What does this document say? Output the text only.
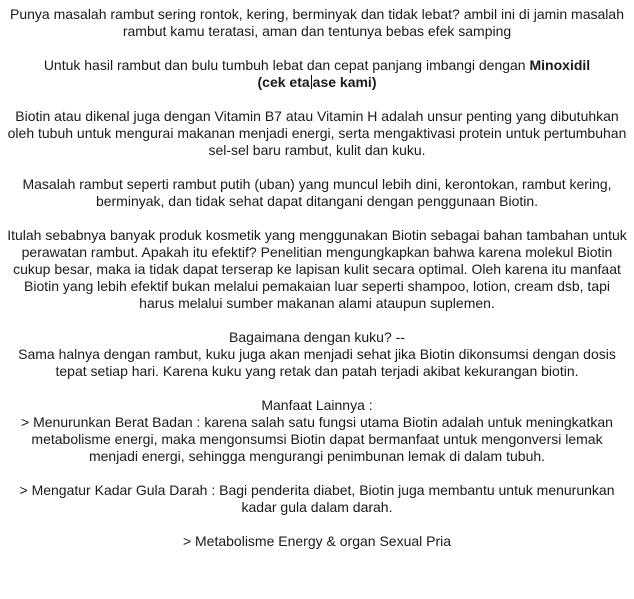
Punya masalah rambut sering rontok, kering, berminyak dan tidak lebat? ambil ini di jamin masalah rambut kamu teratasi, aman dan tentunya bebas efek samping

Untuk hasil rambut dan bulu tumbuh lebat dan cepat panjang imbangi dengan Minoxidil
(cek eta ase kami)

Biotin atau dikenal juga dengan Vitamin B7 atau Vitamin H adalah unsur penting yang dibutuhkan oleh tubuh untuk mengurai makanan menjadi energi, serta mengaktivasi protein untuk pertumbuhan sel-sel baru rambut, kulit dan kuku.

Masalah rambut seperti rambut putih (uban) yang muncul lebih dini, kerontokan, rambut kering, berminyak, dan tidak sehat dapat ditangani dengan penggunaan Biotin.

Itulah sebabnya banyak produk kosmetik yang menggunakan Biotin sebagai bahan tambahan untuk perawatan rambut. Apakah itu efektif? Penelitian mengungkapkan bahwa karena molekul Biotin cukup besar, maka ia tidak dapat terserap ke lapisan kulit secara optimal. Oleh karena itu manfaat Biotin yang lebih efektif bukan melalui pemakaian luar seperti shampoo, lotion, cream dsb, tapi harus melalui sumber makanan alami ataupun suplemen.

Bagaimana dengan kuku? --
Sama halnya dengan rambut, kuku juga akan menjadi sehat jika Biotin dikonsumsi dengan dosis tepat setiap hari. Karena kuku yang retak dan patah terjadi akibat kekurangan biotin.

Manfaat Lainnya :
> Menurunkan Berat Badan : karena salah satu fungsi utama Biotin adalah untuk meningkatkan metabolisme energi, maka mengonsumsi Biotin dapat bermanfaat untuk mengonversi lemak menjadi energi, sehingga mengurangi penimbunan lemak di dalam tubuh.

> Mengatur Kadar Gula Darah : Bagi penderita diabet, Biotin juga membantu untuk menurunkan kadar gula dalam darah.

> Metabolisme Energy & organ Sexual Pria
